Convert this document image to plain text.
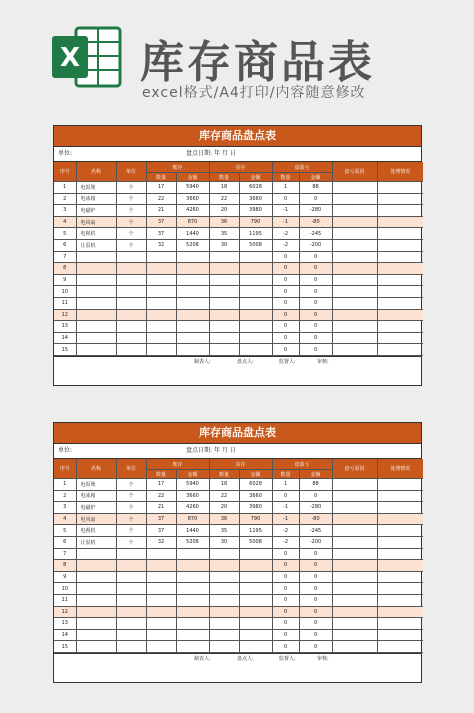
X 库存商品表
excel格式/A4打印/内容随意修改
库存商品盘点表
单位:	盘点日期: 年 月 日
序号	名称	单位	账存		实存		盘盈亏		盘亏原因	处理情况
			数量	金额	数量	金额	数量	金额		
1	电饭煲	个	17	5940	18	6028	1	88		
2	电冰箱	个	22	3660	22	3660	0	0		
3	电磁炉	个	21	4260	20	3980	-1	-280		
4	电风扇	个	37	870	36	790	-1	-80		
5	电视机	个	37	1440	35	1195	-2	-245		
6	让泵机	个	32	5208	30	5008	-2	-200		
7							0	0		
8							0	0		
9							0	0		
10							0	0		
11							0	0		
12							0	0		
13							0	0		
14							0	0		
15							0	0		
制表人:	盘点人:	监督人:	审核:
库存商品盘点表
单位:	盘点日期: 年 月 日
序号	名称	单位	账存		实存		盘盈亏		盘亏原因	处理情况
			数量	金额	数量	金额	数量	金额		
1	电饭煲	个	17	5940	18	6028	1	88		
2	电冰箱	个	22	3660	22	3660	0	0		
3	电磁炉	个	21	4260	20	3980	-1	-280		
4	电风扇	个	37	870	36	790	-1	-80		
5	电视机	个	37	1440	35	1195	-2	-245		
6	让泵机	个	32	5208	30	5008	-2	-200		
7							0	0		
8							0	0		
9							0	0		
10							0	0		
11							0	0		
12							0	0		
13							0	0		
14							0	0		
15							0	0		
制表人:	盘点人:	监督人:	审核:
